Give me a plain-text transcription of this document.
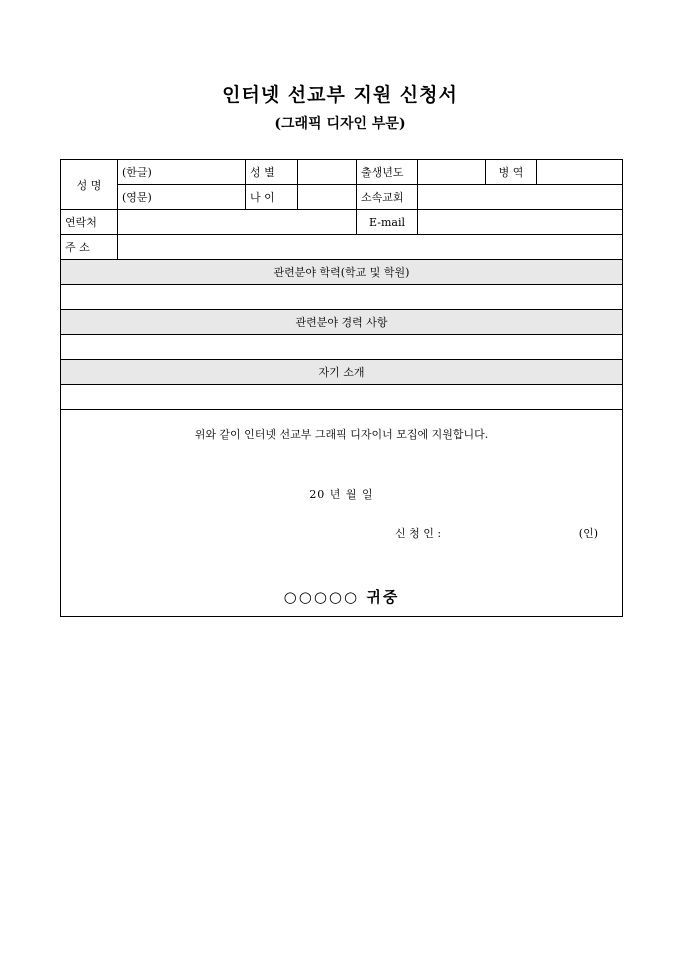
인터넷 선교부 지원 신청서
(그래픽 디자인 부문)
성 명	(한글)	성 별		출생년도		병 역	
	(영문)	나 이		소속교회			
연락처				E-mail			
주 소							
관련분야 학력(학교 및 학원)							

관련분야 경력 사항							

자기 소개							

위와 같이 인터넷 선교부 그래픽 디자이너 모집에 지원합니다.
20 년 월 일
신 청 인 : (인)
○○○○○ 귀중							
